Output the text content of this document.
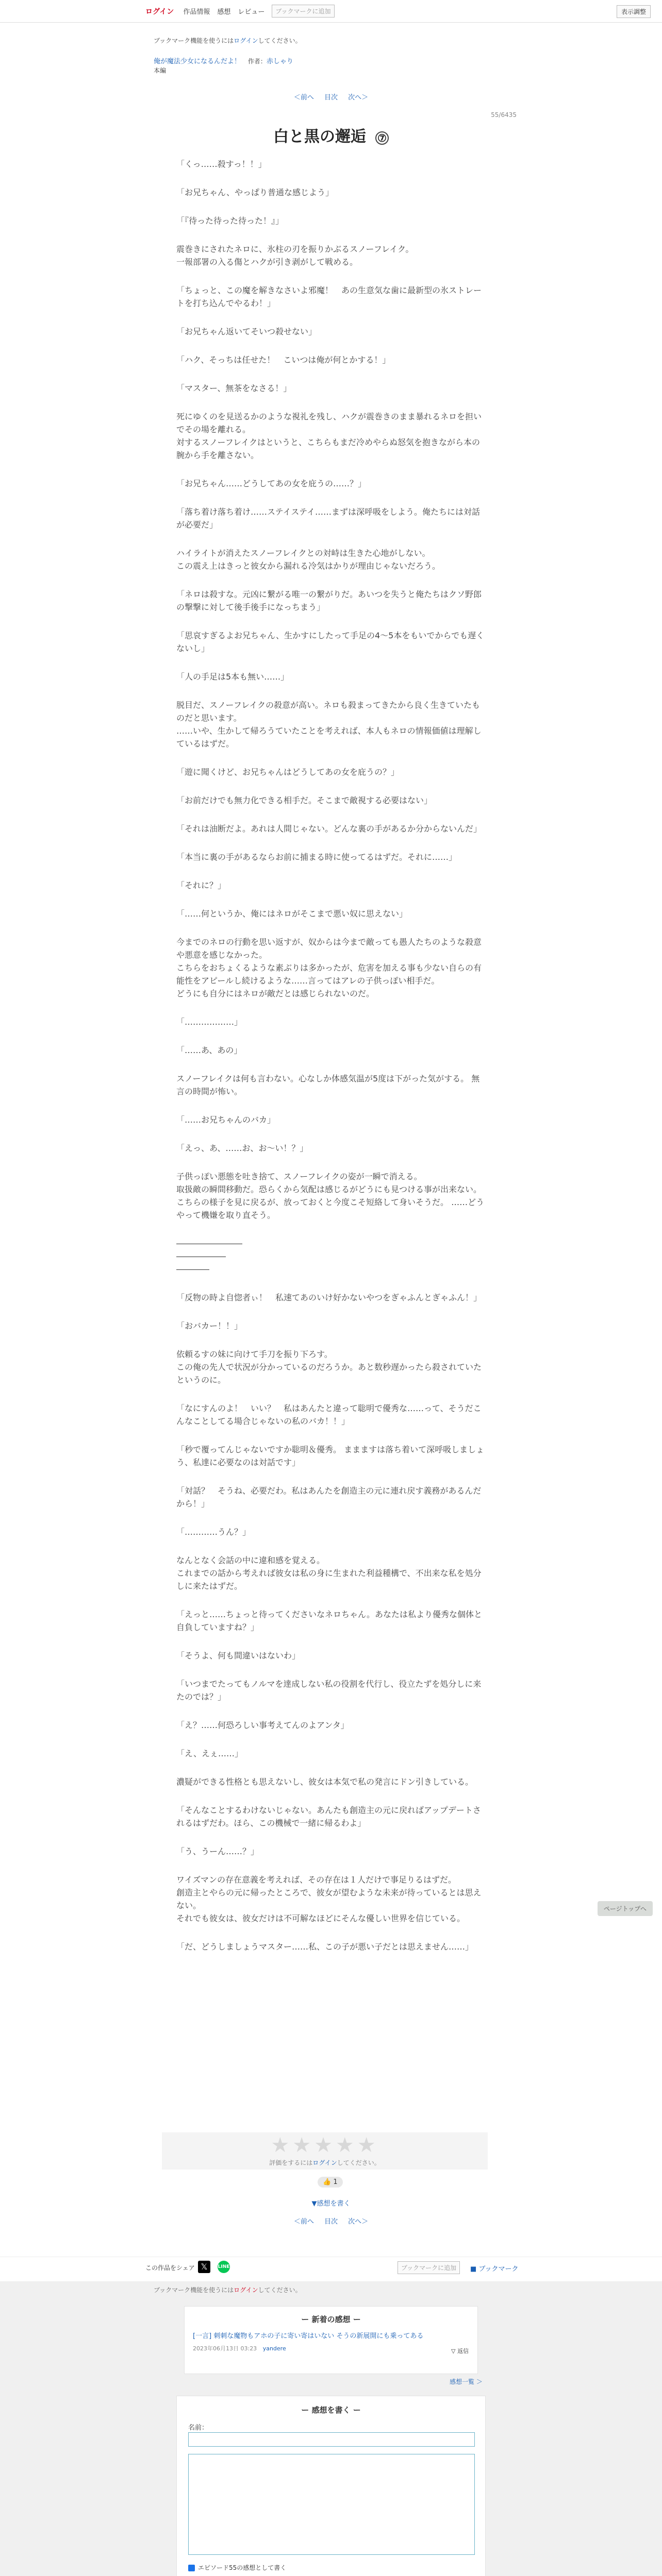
ログイン 作品情報 感想 レビュー	ブックマークに追加	表示調整
ブックマーク機能を使うにはログインしてください。
俺が魔法少女になるんだよ！ 作者：赤しゃり
本編
＜前へ 目次 次へ＞
55/6435
白と黒の邂逅 ⑦

「くっ……殺すっ！！」

「お兄ちゃん、やっぱり普通な感じよう」

「『待った待った待った！』」

震巻きにされたネロに、氷柱の刃を振りかぶるスノーフレイク。
一報部署の入る傷とハクが引き剥がして戦める。

「ちょっと、この魔を解きなさいよ邪魔！　あの生意気な歯に最新型の氷ストレートを打ち込んでやるわ！」

「お兄ちゃん返いてそいつ殺せない」

「ハク、そっちは任せた！　こいつは俺が何とかする！」

「マスター、無茶をなさる！」

死にゆくのを見送るかのような視礼を残し、ハクが震巻きのまま暴れるネロを担いでその場を離れる。
対するスノーフレイクはというと、こちらもまだ冷めやらぬ怒気を抱きながら本の腕から手を離さない。

「お兄ちゃん……どうしてあの女を庇うの……？」

「落ち着け落ち着け……ステイステイ……まずは深呼吸をしよう。俺たちには対話が必要だ」

ハイライトが消えたスノーフレイクとの対峙は生きた心地がしない。
この震え上はきっと彼女から漏れる冷気はかりが理由じゃないだろう。

「ネロは殺すな。元凶に繋がる唯一の繋がりだ。あいつを失うと俺たちはクソ野郎の撃撃に対して後手後手になっちまう」

「思哀すぎるよお兄ちゃん、生かすにしたって手足の4～5本をもいでからでも遅くないし」

「人の手足は5本も無い……」

脱目だ、スノーフレイクの殺意が高い。ネロも殺まってきたから良く生きていたものだと思います。
……いや、生かして帰ろうていたことを考えれば、本人もネロの情報価値は理解しているはずだ。

「遊に聞くけど、お兄ちゃんはどうしてあの女を庇うの？」

「お前だけでも無力化できる相手だ。そこまで敵視する必要はない」

「それは油断だよ。あれは人間じゃない。どんな裏の手があるか分からないんだ」

「本当に裏の手があるならお前に捕まる時に使ってるはずだ。それに……」

「それに？」

「……何というか、俺にはネロがそこまで悪い奴に思えない」

今までのネロの行動を思い返すが、奴からは今まで敵っても愚人たちのような殺意や悪意を感じなかった。
こちらをおちょくるような素ぶりは多かったが、危害を加える事も少ない自らの有能性をアピールし続けるような……言ってはアレの子供っぽい相手だ。
どうにも自分にはネロが敵だとは感じられないのだ。

「………………」

「……あ、あの」

スノーフレイクは何も言わない。心なしか体感気温が5度は下がった気がする。 無言の時間が怖い。

「……お兄ちゃんのバカ」

「えっ、あ、……お、お～い！？」

子供っぽい悪態を吐き捨て、スノーフレイクの姿が一瞬で消える。
取扱敵の瞬間移動だ。恐らくから気配は感じるがどうにも見つける事が出来ない。
こちらの様子を見に戻るが、放っておくと今度こそ短絡して身いそうだ。 ……どうやって機嫌を取り直そう。

――――――――
――――――
――――

「反物の時よ自惚者ぃ！　私速てあのいけ好かないやつをぎゃふんとぎゃふん！」

「おバカー！！」

依頼るすの妹に向けて手刀を振り下ろす。
この俺の先人で状況が分かっているのだろうか。あと数秒遅かったら殺されていたというのに。

「なにすんのよ！　いい？　私はあんたと違って聡明で優秀な……って、そうだこんなことしてる場合じゃないの私のバカ！！」

「秒で覆ってんじゃないですか聡明＆優秀。 ままますは落ち着いて深呼吸しましょう、私達に必要なのは対話です」

「対話？　そうね、必要だわ。私はあんたを創造主の元に連れ戻す義務があるんだから！」

「…………うん？」

なんとなく会話の中に違和感を覚える。
これまでの話から考えれば彼女は私の身に生まれた利益種構で、不出来な私を処分しに来たはずだ。

「えっと……ちょっと待ってくださいなネロちゃん。あなたは私より優秀な個体と自負していますね？」

「そうよ、何も間違いはないわ」

「いつまでたってもノルマを達成しない私の役割を代行し、役立たずを処分しに来たのでは？」

「え？……何恐ろしい事考えてんのよアンタ」

「え、えぇ……」

濃疑ができる性格とも思えないし、彼女は本気で私の発言にドン引きしている。

「そんなことするわけないじゃない。あんたも創造主の元に戻ればアップデートされるはずだわ。ほら、この機械で一緒に帰るわよ」

「う、うーん……？」

ワイズマンの存在意義を考えれば、その存在は１人だけで事足りるはずだ。
創造主とやらの元に帰ったところで、彼女が望むような未来が待っているとは思えない。
それでも彼女は、彼女だけは不可解なほどにそんな優しい世界を信じている。

「だ、どうしましょうマスター……私、この子が悪い子だとは思えません……」

ページトップへ
★★★★★
評価をするにはログインしてください。
👍 1
▼感想を書く
＜前へ 目次 次へ＞
この作品をシェア 𝕏	LINE	ブックマークに追加	■ ブックマーク
ブックマーク機能を使うにはログインしてください。
ー 新着の感想 ー
[一言] 刺刺な魔物もアホの子に寄い寄はいない そうの新展開にも乗ってある
2023年06月13日 03:23 yandere	▽ 返信
感想一覧 ＞
ー 感想を書く ー
名前：
エピソード55の感想として書く
